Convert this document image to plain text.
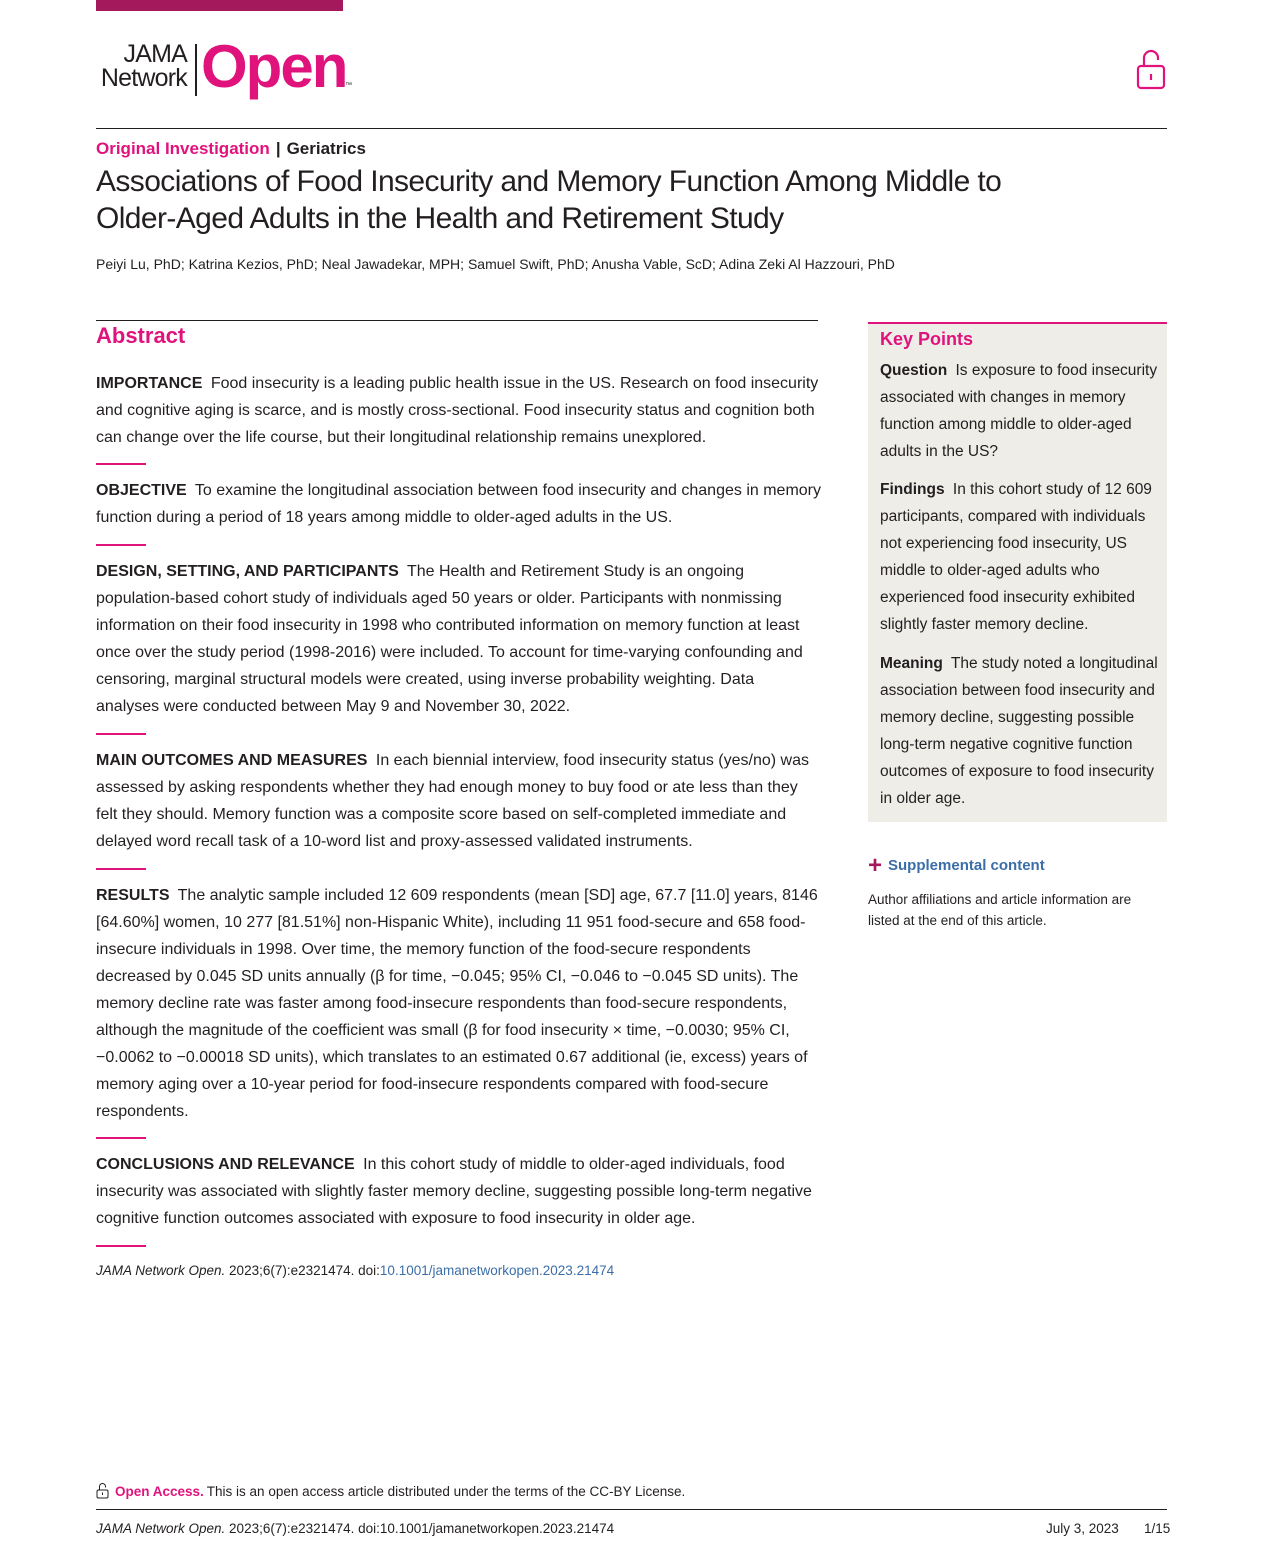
JAMA
Network Open
™
Original Investigation | Geriatrics
Associations of Food Insecurity and Memory Function Among Middle to Older-Aged Adults in the Health and Retirement Study
Peiyi Lu, PhD; Katrina Kezios, PhD; Neal Jawadekar, MPH; Samuel Swift, PhD; Anusha Vable, ScD; Adina Zeki Al Hazzouri, PhD
Abstract

IMPORTANCE Food insecurity is a leading public health issue in the US. Research on food insecurity and cognitive aging is scarce, and is mostly cross-sectional. Food insecurity status and cognition both can change over the life course, but their longitudinal relationship remains unexplored.

OBJECTIVE To examine the longitudinal association between food insecurity and changes in memory function during a period of 18 years among middle to older-aged adults in the US.

DESIGN, SETTING, AND PARTICIPANTS The Health and Retirement Study is an ongoing population-based cohort study of individuals aged 50 years or older. Participants with nonmissing information on their food insecurity in 1998 who contributed information on memory function at least once over the study period (1998-2016) were included. To account for time-varying confounding and censoring, marginal structural models were created, using inverse probability weighting. Data analyses were conducted between May 9 and November 30, 2022.

MAIN OUTCOMES AND MEASURES In each biennial interview, food insecurity status (yes/no) was assessed by asking respondents whether they had enough money to buy food or ate less than they felt they should. Memory function was a composite score based on self-completed immediate and delayed word recall task of a 10-word list and proxy-assessed validated instruments.

RESULTS The analytic sample included 12 609 respondents (mean [SD] age, 67.7 [11.0] years, 8146 [64.60%] women, 10 277 [81.51%] non-Hispanic White), including 11 951 food-secure and 658 food-insecure individuals in 1998. Over time, the memory function of the food-secure respondents decreased by 0.045 SD units annually (β for time, −0.045; 95% CI, −0.046 to −0.045 SD units). The memory decline rate was faster among food-insecure respondents than food-secure respondents, although the magnitude of the coefficient was small (β for food insecurity × time, −0.0030; 95% CI, −0.0062 to −0.00018 SD units), which translates to an estimated 0.67 additional (ie, excess) years of memory aging over a 10-year period for food-insecure respondents compared with food-secure respondents.

CONCLUSIONS AND RELEVANCE In this cohort study of middle to older-aged individuals, food insecurity was associated with slightly faster memory decline, suggesting possible long-term negative cognitive function outcomes associated with exposure to food insecurity in older age.

JAMA Network Open. 2023;6(7):e2321474. doi:10.1001/jamanetworkopen.2023.21474
Key Points

Question Is exposure to food insecurity associated with changes in memory function among middle to older-aged adults in the US?

Findings In this cohort study of 12 609 participants, compared with individuals not experiencing food insecurity, US middle to older-aged adults who experienced food insecurity exhibited slightly faster memory decline.

Meaning The study noted a longitudinal association between food insecurity and memory decline, suggesting possible long-term negative cognitive function outcomes of exposure to food insecurity in older age.

+ Supplemental content

Author affiliations and article information are listed at the end of this article.

Open Access. This is an open access article distributed under the terms of the CC-BY License.
JAMA Network Open. 2023;6(7):e2321474. doi:10.1001/jamanetworkopen.2023.21474	July 3, 2023 1/15
